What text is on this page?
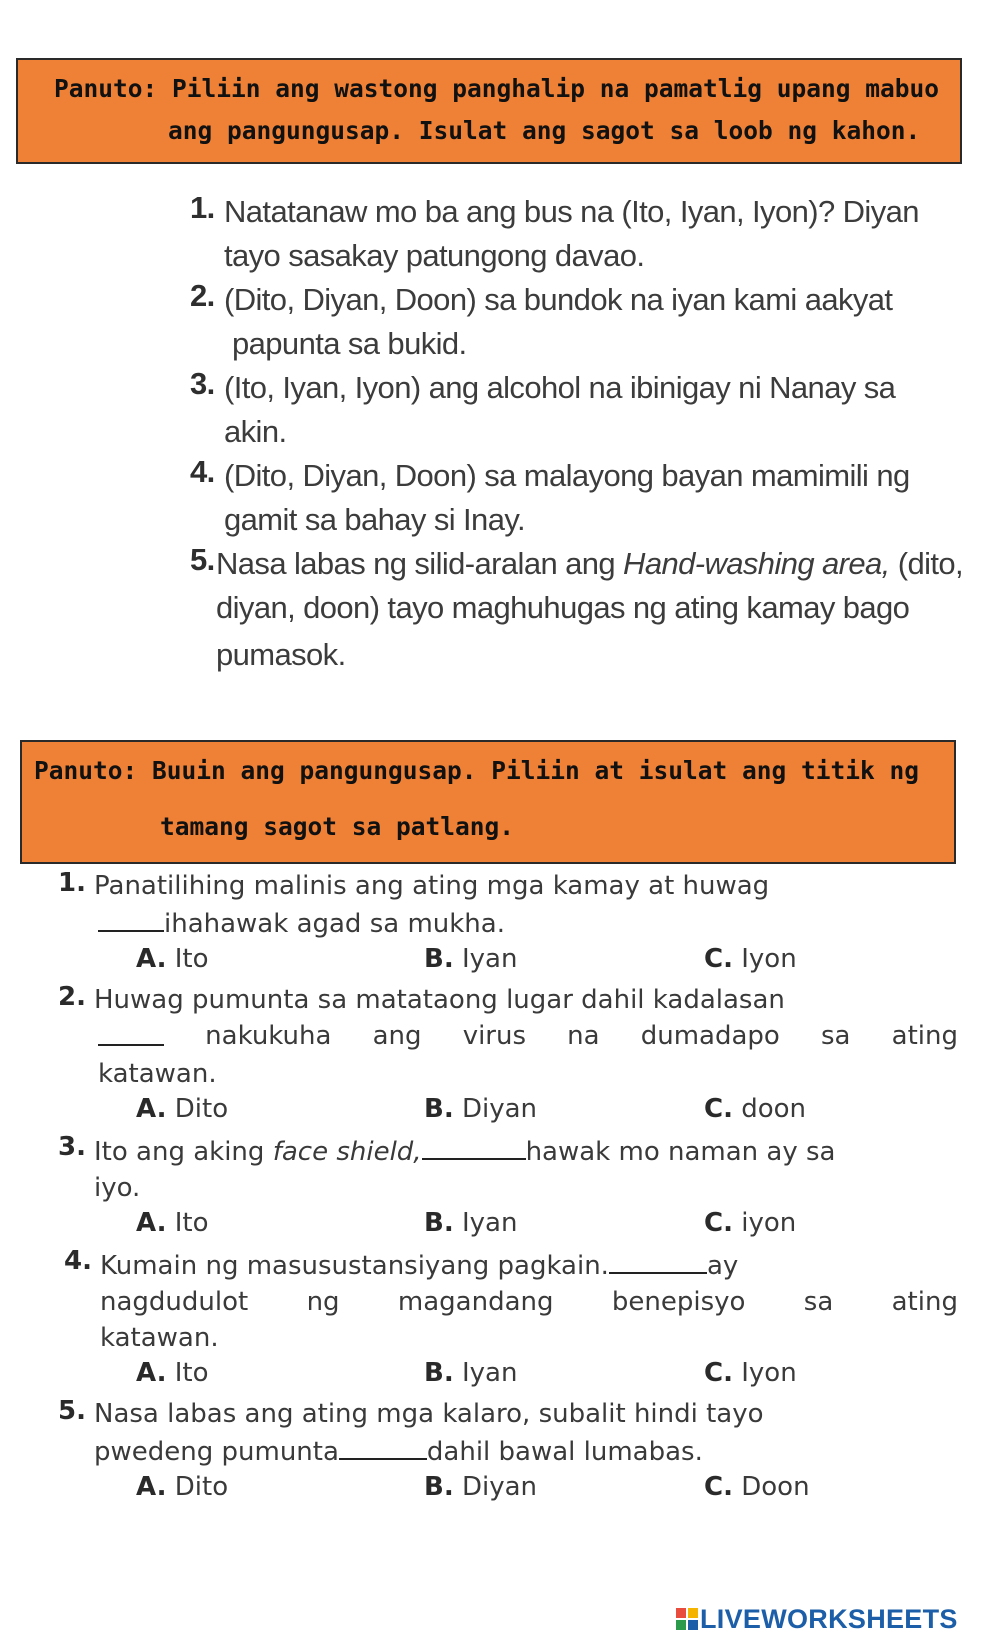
Panuto: Piliin ang wastong panghalip na pamatlig upang mabuo
ang pangungusap. Isulat ang sagot sa loob ng kahon.
1. Natatanaw mo ba ang bus na (Ito, Iyan, Iyon)? Diyan
tayo sasakay patungong davao.
2. (Dito, Diyan, Doon) sa bundok na iyan kami aakyat
papunta sa bukid.
3. (Ito, Iyan, Iyon) ang alcohol na ibinigay ni Nanay sa
akin.
4. (Dito, Diyan, Doon) sa malayong bayan mamimili ng
gamit sa bahay si Inay.
5. Nasa labas ng silid-aralan ang Hand-washing area, (dito,
diyan, doon) tayo maghuhugas ng ating kamay bago
pumasok.
Panuto: Buuin ang pangungusap. Piliin at isulat ang titik ng
tamang sagot sa patlang.
1. Panatilihing malinis ang ating mga kamay at huwag
ihahawak agad sa mukha.
A. Ito	B. Iyan	C. Iyon
2. Huwag pumunta sa matataong lugar dahil kadalasan
nakukuha ang virus na dumadapo sa ating
katawan.
A. Dito	B. Diyan	C. doon
3. Ito ang aking face shield,	hawak mo naman ay sa
iyo.
A. Ito	B. Iyan	C. iyon
4. Kumain ng masusustansiyang pagkain.	ay
nagdudulot ng magandang benepisyo sa ating
katawan.
A. Ito	B. Iyan	C. Iyon
5. Nasa labas ang ating mga kalaro, subalit hindi tayo
pwedeng pumunta	dahil bawal lumabas.
A. Dito	B. Diyan	C. Doon
LIVEWORKSHEETS
